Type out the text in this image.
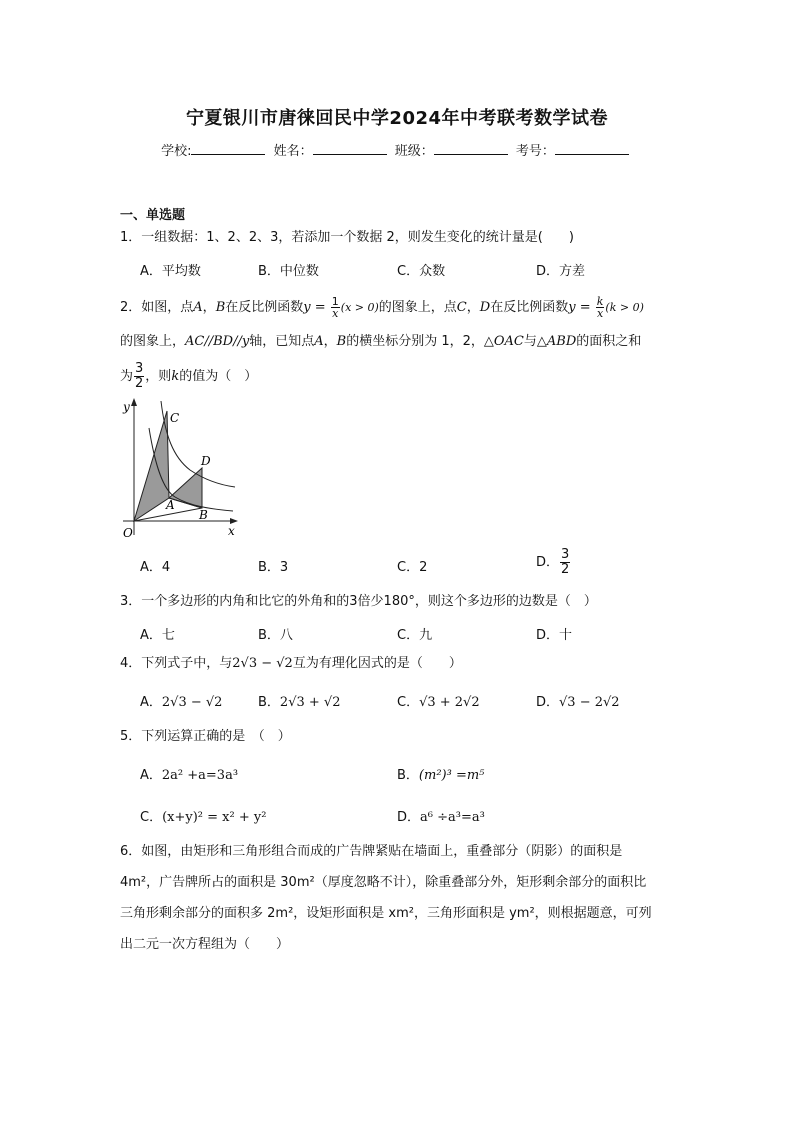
宁夏银川市唐徕回民中学2024年中考联考数学试卷
学校:	姓名：	班级：	考号：
一、单选题
1．一组数据：1、2、2、3，若添加一个数据 2，则发生变化的统计量是(　　)
A．平均数	B．中位数	C．众数	D．方差
2．如图，点A，B在反比例函数$y = \frac{1}{x} (x > 0)$的图象上，点C，D在反比例函数$y = \frac{k}{x} (k > 0)$
的图象上，AC//BD//y轴，已知点A，B的横坐标分别为 1，2，△OAC与△ABD的面积之和
为 $\frac{3}{2}$ ，则k的值为（　）
y
C
D
A
B
O	x
A．4	B．3	C．2	D． $\frac{3}{2}$
3．一个多边形的内角和比它的外角和的3倍少180°，则这个多边形的边数是（　）
A．七	B．八	C．九	D．十
4．下列式子中，与2√3 − √2互为有理化因式的是（　　）
A．2√3 − √2	B．2√3 + √2	C．√3 + 2√2	D．√3 − 2√2
5．下列运算正确的是　（　）
A．2a² +a=3a³	B．(m²)³ =m⁵
C．(x+y)² = x² + y²	D．a⁶ ÷a³=a³
6．如图，由矩形和三角形组合而成的广告牌紧贴在墙面上，重叠部分（阴影）的面积是
4m²，广告牌所占的面积是 30m²（厚度忽略不计），除重叠部分外，矩形剩余部分的面积比
三角形剩余部分的面积多 2m²，设矩形面积是 xm²，三角形面积是 ym²，则根据题意，可列
出二元一次方程组为（　　）
